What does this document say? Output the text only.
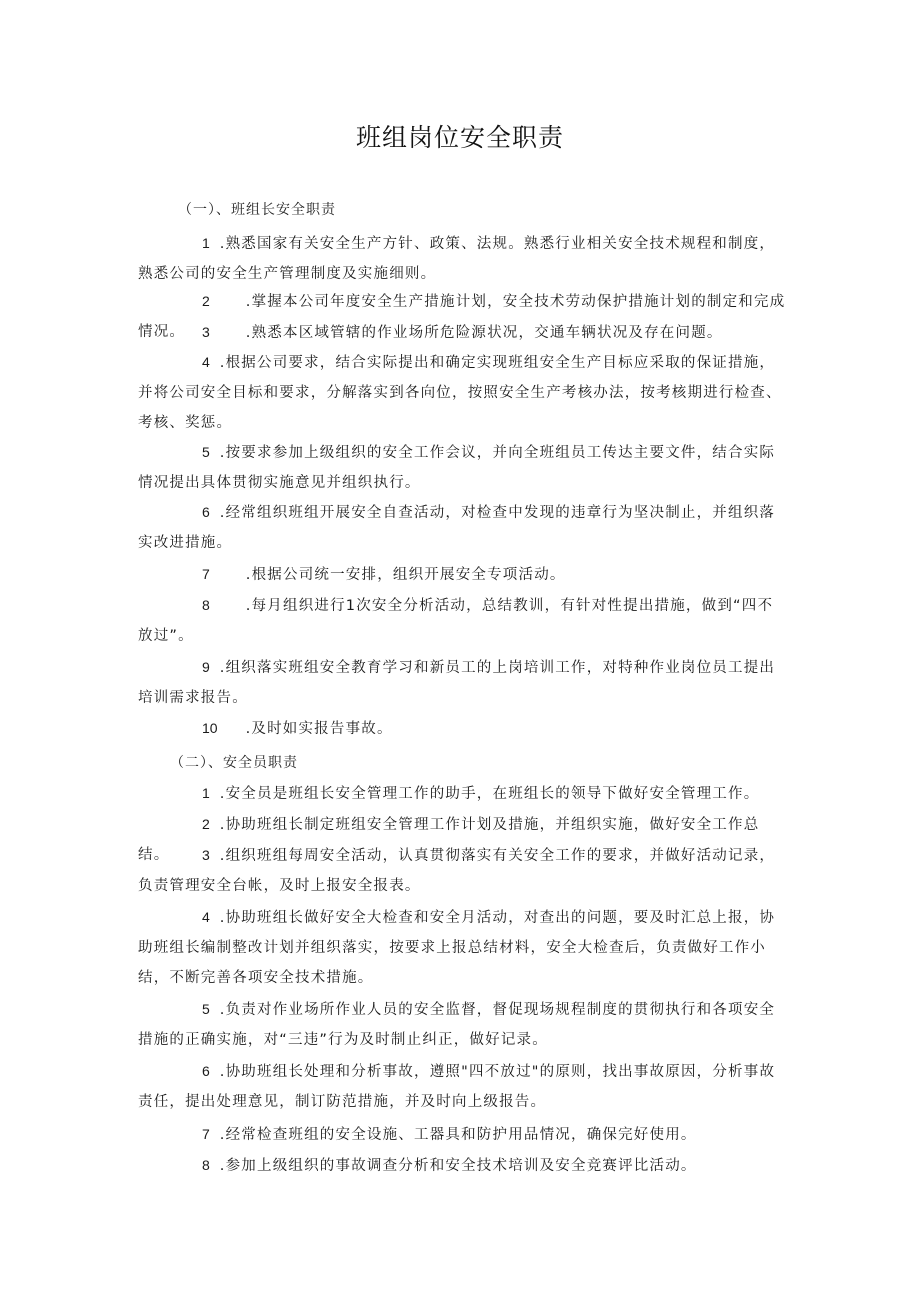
班组岗位安全职责
（一）、班组长安全职责

1 .熟悉国家有关安全生产方针、政策、法规。熟悉行业相关安全技术规程和制度，熟悉公司的安全生产管理制度及实施细则。

2 .掌握本公司年度安全生产措施计划，安全技术劳动保护措施计划的制定和完成情况。	3 .熟悉本区域管辖的作业场所危险源状况，交通车辆状况及存在问题。

4 .根据公司要求，结合实际提出和确定实现班组安全生产目标应采取的保证措施，并将公司安全目标和要求，分解落实到各向位，按照安全生产考核办法，按考核期进行检查、考核、奖惩。

5 .按要求参加上级组织的安全工作会议，并向全班组员工传达主要文件，结合实际情况提出具体贯彻实施意见并组织执行。

6 .经常组织班组开展安全自查活动，对检查中发现的违章行为坚决制止，并组织落实改进措施。

7 .根据公司统一安排，组织开展安全专项活动。

8 .每月组织进行1次安全分析活动，总结教训，有针对性提出措施，做到“四不放过”。

9 .组织落实班组安全教育学习和新员工的上岗培训工作，对特种作业岗位员工提出培训需求报告。

10 .及时如实报告事故。

（二）、安全员职责

1 .安全员是班组长安全管理工作的助手，在班组长的领导下做好安全管理工作。

2 .协助班组长制定班组安全管理工作计划及措施，并组织实施，做好安全工作总结。	3 .组织班组每周安全活动，认真贯彻落实有关安全工作的要求，并做好活动记录，负责管理安全台帐，及时上报安全报表。

4 .协助班组长做好安全大检查和安全月活动，对查出的问题，要及时汇总上报，协助班组长编制整改计划并组织落实，按要求上报总结材料，安全大检查后，负责做好工作小结，不断完善各项安全技术措施。

5 .负责对作业场所作业人员的安全监督，督促现场规程制度的贯彻执行和各项安全措施的正确实施，对“三违”行为及时制止纠正，做好记录。

6 .协助班组长处理和分析事故，遵照"四不放过"的原则，找出事故原因，分析事故责任，提出处理意见，制订防范措施，并及时向上级报告。

7 .经常检查班组的安全设施、工器具和防护用品情况，确保完好使用。

8 .参加上级组织的事故调查分析和安全技术培训及安全竞赛评比活动。
